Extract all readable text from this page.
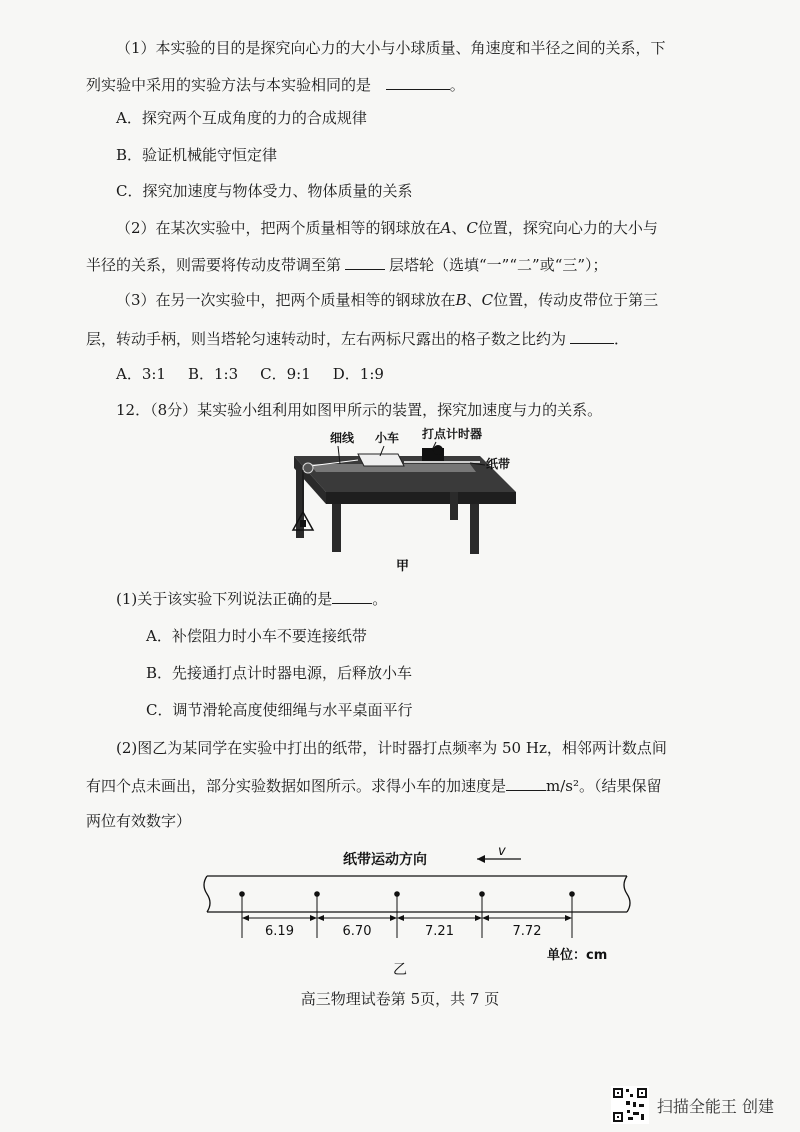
（1）本实验的目的是探究向心力的大小与小球质量、角速度和半径之间的关系，下
列实验中采用的实验方法与本实验相同的是	。
A．探究两个互成角度的力的合成规律
B．验证机械能守恒定律
C．探究加速度与物体受力、物体质量的关系
（2）在某次实验中，把两个质量相等的钢球放在A、C位置，探究向心力的大小与
半径的关系，则需要将传动皮带调至第	层塔轮（选填“一”“二”或“三”）；
（3）在另一次实验中，把两个质量相等的钢球放在B、C位置，传动皮带位于第三
层，转动手柄，则当塔轮匀速转动时，左右两标尺露出的格子数之比约为	．
A．3:1 B．1:3 C．9:1 D．1:9
12．（8分）某实验小组利用如图甲所示的装置，探究加速度与力的关系。
细线 小车 打点计时器
纸带
甲
(1)关于该实验下列说法正确的是	。
A．补偿阻力时小车不要连接纸带
B．先接通打点计时器电源，后释放小车
C．调节滑轮高度使细绳与水平桌面平行
(2)图乙为某同学在实验中打出的纸带，计时器打点频率为 50 Hz，相邻两计数点间
有四个点未画出，部分实验数据如图所示。求得小车的加速度是	m/s²。（结果保留
两位有效数字）
纸带运动方向
v
6.19	6.70	7.21	7.72
单位：cm
乙
高三物理试卷第 5页，共 7 页
扫描全能王 创建
